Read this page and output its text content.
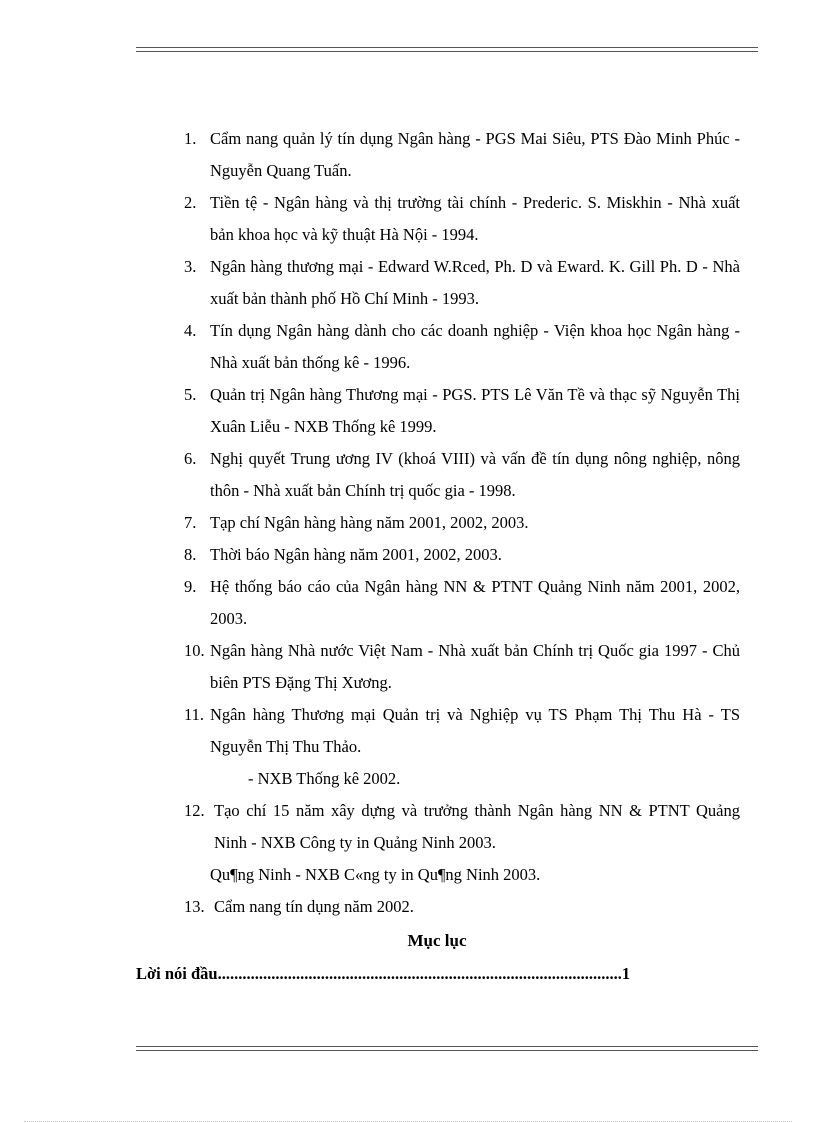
1. Cẩm nang quản lý tín dụng Ngân hàng - PGS Mai Siêu, PTS Đào Minh Phúc - Nguyễn Quang Tuấn.
2. Tiền tệ - Ngân hàng và thị trường tài chính - Prederic. S. Miskhin - Nhà xuất bản khoa học và kỹ thuật Hà Nội - 1994.
3. Ngân hàng thương mại - Edward W.Rced, Ph. D và Eward. K. Gill Ph. D - Nhà xuất bản thành phố Hồ Chí Minh - 1993.
4. Tín dụng Ngân hàng dành cho các doanh nghiệp - Viện khoa học Ngân hàng - Nhà xuất bản thống kê - 1996.
5. Quản trị Ngân hàng Thương mại - PGS. PTS Lê Văn Tề và thạc sỹ Nguyễn Thị Xuân Liễu - NXB Thống kê 1999.
6. Nghị quyết Trung ương IV (khoá VIII) và vấn đề tín dụng nông nghiệp, nông thôn - Nhà xuất bản Chính trị quốc gia - 1998.
7. Tạp chí Ngân hàng hàng năm 2001, 2002, 2003.
8. Thời báo Ngân hàng năm 2001, 2002, 2003.
9. Hệ thống báo cáo của Ngân hàng NN & PTNT Quảng Ninh năm 2001, 2002, 2003.
10. Ngân hàng Nhà nước Việt Nam - Nhà xuất bản Chính trị Quốc gia 1997 - Chủ biên PTS Đặng Thị Xương.
11. Ngân hàng Thương mại Quản trị và Nghiệp vụ TS Phạm Thị Thu Hà - TS Nguyễn Thị Thu Thảo.
- NXB Thống kê 2002.
12. Tạo chí 15 năm xây dựng và trưởng thành Ngân hàng NN & PTNT Quảng Ninh - NXB Công ty in Quảng Ninh 2003.
Qu¶ng Ninh - NXB C«ng ty in Qu¶ng Ninh 2003.
13. Cẩm nang tín dụng năm 2002.
Mục lục
Lời nói đầu..................................................................................................1
